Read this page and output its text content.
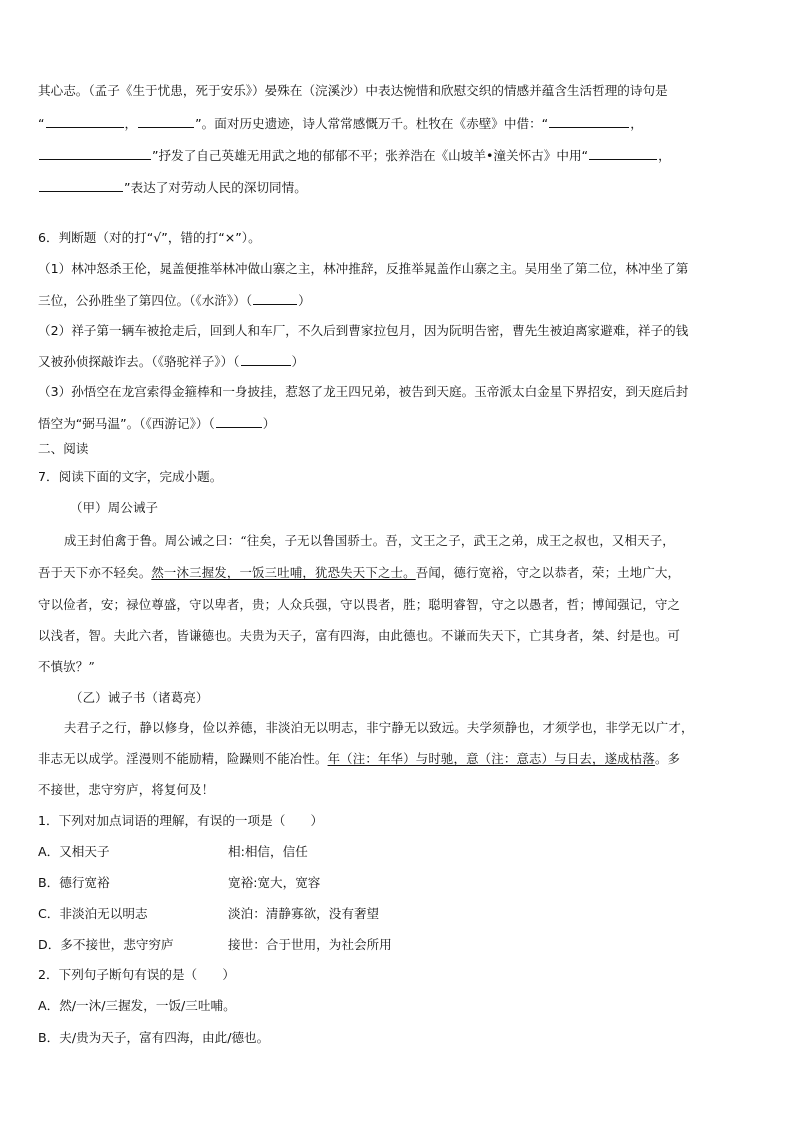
其心志。（孟子《生于忧患，死于安乐》）晏殊在（浣溪沙）中表达惋惜和欣慰交织的情感并蕴含生活哲理的诗句是
“	，	”。面对历史遗迹，诗人常常感慨万千。杜牧在《赤壁》中借：“	，
”抒发了自己英雄无用武之地的郁郁不平；张养浩在《山坡羊•潼关怀古》中用“	，
”表达了对劳动人民的深切同情。
6．判断题（对的打“√”，错的打“×”）。
（1）林冲怒杀王伦，晁盖便推举林冲做山寨之主，林冲推辞，反推举晁盖作山寨之主。吴用坐了第二位，林冲坐了第
三位，公孙胜坐了第四位。（《水浒》）（	）
（2）祥子第一辆车被抢走后，回到人和车厂，不久后到曹家拉包月，因为阮明告密，曹先生被迫离家避难，祥子的钱
又被孙侦探敲诈去。（《骆驼祥子》）（	）
（3）孙悟空在龙宫索得金箍棒和一身披挂，惹怒了龙王四兄弟，被告到天庭。玉帝派太白金星下界招安，到天庭后封
悟空为“弼马温”。（《西游记》）（	）
二、阅读
7．阅读下面的文字，完成小题。
（甲）周公诫子
成王封伯禽于鲁。周公诫之曰：“往矣，子无以鲁国骄士。吾，文王之子，武王之弟，成王之叔也，又相天子，
吾于天下亦不轻矣。然一沐三握发，一饭三吐哺，犹恐失天下之士。吾闻，德行宽裕，守之以恭者，荣；土地广大，
守以俭者，安；禄位尊盛，守以卑者，贵；人众兵强，守以畏者，胜；聪明睿智，守之以愚者，哲；博闻强记，守之
以浅者，智。夫此六者，皆谦德也。夫贵为天子，富有四海，由此德也。不谦而失天下，亡其身者，桀、纣是也。可
不慎欤？”
（乙）诫子书（诸葛亮）
夫君子之行，静以修身，俭以养德，非淡泊无以明志，非宁静无以致远。夫学须静也，才须学也，非学无以广才，
非志无以成学。淫漫则不能励精，险躁则不能冶性。年（注：年华）与时驰，意（注：意志）与日去，遂成枯落。多
不接世，悲守穷庐，将复何及！
1．下列对加点词语的理解，有误的一项是（　　）
A．又相天子	相:相信，信任
B．德行宽裕	宽裕:宽大，宽容
C．非淡泊无以明志	淡泊：清静寡欲，没有奢望
D．多不接世，悲守穷庐	接世：合于世用，为社会所用
2．下列句子断句有误的是（　　）
A．然/一沐/三握发，一饭/三吐哺。
B．夫/贵为天子，富有四海，由此/德也。
